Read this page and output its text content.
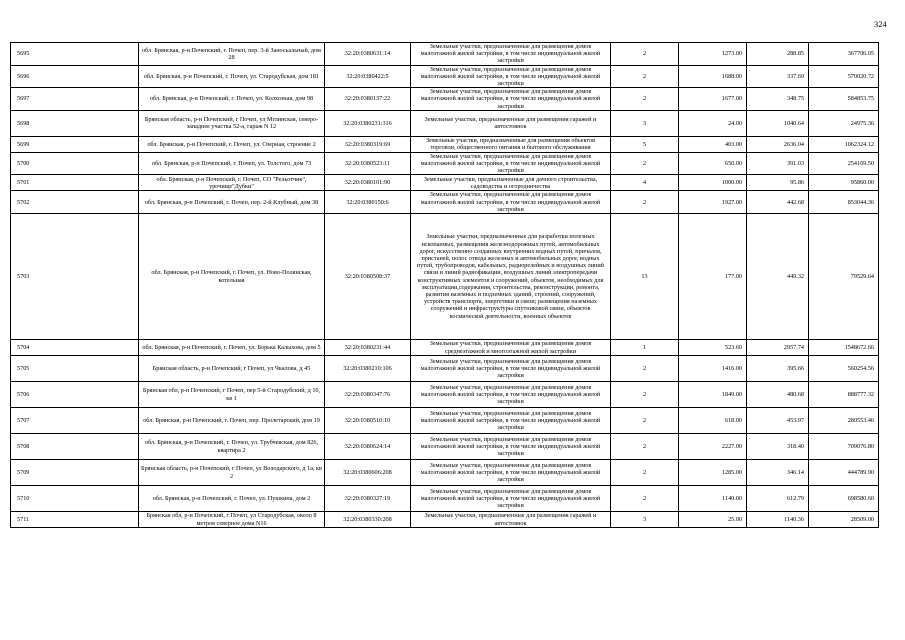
324
5695	обл. Брянская, р-н Почепский, г. Почеп, пер. 3-й Заносьальный, дом 28	32:20:0380631:14	Земельные участки, предназначенные для размещения домов малоэтажной жилой застройки, в том числе индивидуальной жилой застройки	2	1273.00	288.85	367706.05
5696	обл. Брянская, р-н Почепский, г. Почеп, ул. Стародубская, дом 181	32:20:0380422:5	Земельные участки, предназначенные для размещения домов малоэтажной жилой застройки, в том числе индивидуальной жилой застройки	2	1688.00	337.69	570020.72
5697	обл. Брянская, р-н Почепский, г. Почеп, ул. Колхозная, дом 98	32:20:0380137:22	Земельные участки, предназначенные для размещения домов малоэтажной жилой застройки, в том числе индивидуальной жилой застройки	2	1677.00	348.75	584853.75
5698	Брянская область, р-н Почепский, г Почеп, ул Мглинская, северо-западнее участка 52-а, гараж N 12	32:20:0380231:316	Земельные участки, предназначенные для размещения гаражей и автостоянок	3	24.00	1040.64	24975.36
5699	обл. Брянская, р-н Почепский, г. Почеп, ул. Озерная, строение 2	32:20:0380319:69	Земельные участки, предназначенные для размещения объектов торговли, общественного питания и бытового обслуживания	5	403.00	2636.04	1062324.12
5700	обл. Брянская, р-н Почепский, г. Почеп, ул. Толстого, дом 73	32:20:0380523:11	Земельные участки, предназначенные для размещения домов малоэтажной жилой застройки, в том числе индивидуальной жилой застройки	2	650.00	391.03	254169.50
5701	обл. Брянская, р-н Почепский, г. Почеп, СО "Рельотчик", урочище"Дубки"	32:20:0380101:90	Земельные участки, предназначенные для дачного строительства, садоводства и огородничества	4	1000.00	95.86	95860.00
5702	обл. Брянская, р-н Почепский, г. Почеп, пер. 2-й Клубный, дом 38	32:20:0380150:6	Земельные участки, предназначенные для размещения домов малоэтажной жилой застройки, в том числе индивидуальной жилой застройки	2	1927.00	442.68	853044.36
5703	обл. Брянская, р-н Почепский, г. Почеп, ул. Ново-Полянская, котельная	32:20:0380508:37	Земельные участки, предназначенные для разработки полезных ископаемых, размещения железнодорожных путей, автомобильных дорог, искусственно созданных внутренних водных путей, причалов, пристаней, полос отвода железных и автомобильных дорог, водных путей, трубопроводов, кабельных, радиорелейных и воздушных линий связи и линий радиофикации, воздушных линий электропередачи конструктивных элементов и сооружений, объектов, необходимых для эксплуатации,содержания, строительства, реконструкции, ремонта, развития наземных и подземных зданий, строений, сооружений, устройств транспорта, энергетики и связи; размещения наземных сооружений и инфраструктуры спутниковой связи, объектов космической деятельности, военных объектов	13	177.00	449.32	79529.64
5704	обл. Брянская, р-н Почепский, г. Почеп, ул. Борька Калыхова, дом 5	32:20:0380231:44	Земельные участки, предназначенные для размещения домов среднеэтажной и многоэтажной жилой застройки	1	523.60	2957.74	1548672.66
5705	Брянская область, р-н Почепский, г Почеп, ул Чкалова, д 45	32:20:0380210:106	Земельные участки, предназначенные для размещения домов малоэтажной жилой застройки, в том числе индивидуальной жилой застройки	2	1416.00	395.66	560254.56
5706	Брянская обл, р-н Почепский, г Почеп, пер 5-й Стародубский, д 10, кв 1	32:20:0380347:76	Земельные участки, предназначенные для размещения домов малоэтажной жилой застройки, в том числе индивидуальной жилой застройки	2	1849.00	480.68	888777.32
5707	обл. Брянская, р-н Почепский, г. Почеп, пер. Пролетарский, дом 19	32:20:0380510:10	Земельные участки, предназначенные для размещения домов малоэтажной жилой застройки, в том числе индивидуальной жилой застройки	2	618.00	453.97	280553.46
5708	обл. Брянская, р-н Почепский, г. Почеп, ул. Трубчевская, дом 826, квартира 2	32:20:0380624:14	Земельные участки, предназначенные для размещения домов малоэтажной жилой застройки, в том числе индивидуальной жилой застройки	2	2227.00	318.40	709076.80
5709	Брянская область, р-н Почепский, г Почеп, ул Володарского, д 1а, кв 2	32:20:0380606:208	Земельные участки, предназначенные для размещения домов малоэтажной жилой застройки, в том числе индивидуальной жилой застройки	2	1285.00	346.14	444789.90
5710	обл. Брянская, р-н Почепский, г. Почеп, ул. Пушкина, дом 2	32:20:0380327:19	Земельные участки, предназначенные для размещения домов малоэтажной жилой застройки, в том числе индивидуальной жилой застройки	2	1140.00	612.79	698580.60
5711	Брянская обл, р-н Почепский, г Почеп, ул Стародубская, около 8 метров северное дома N16	32:20:0380330:208	Земельные участки, предназначенные для размещения гаражей и автостоянок	3	25.00	1140.36	28509.00
